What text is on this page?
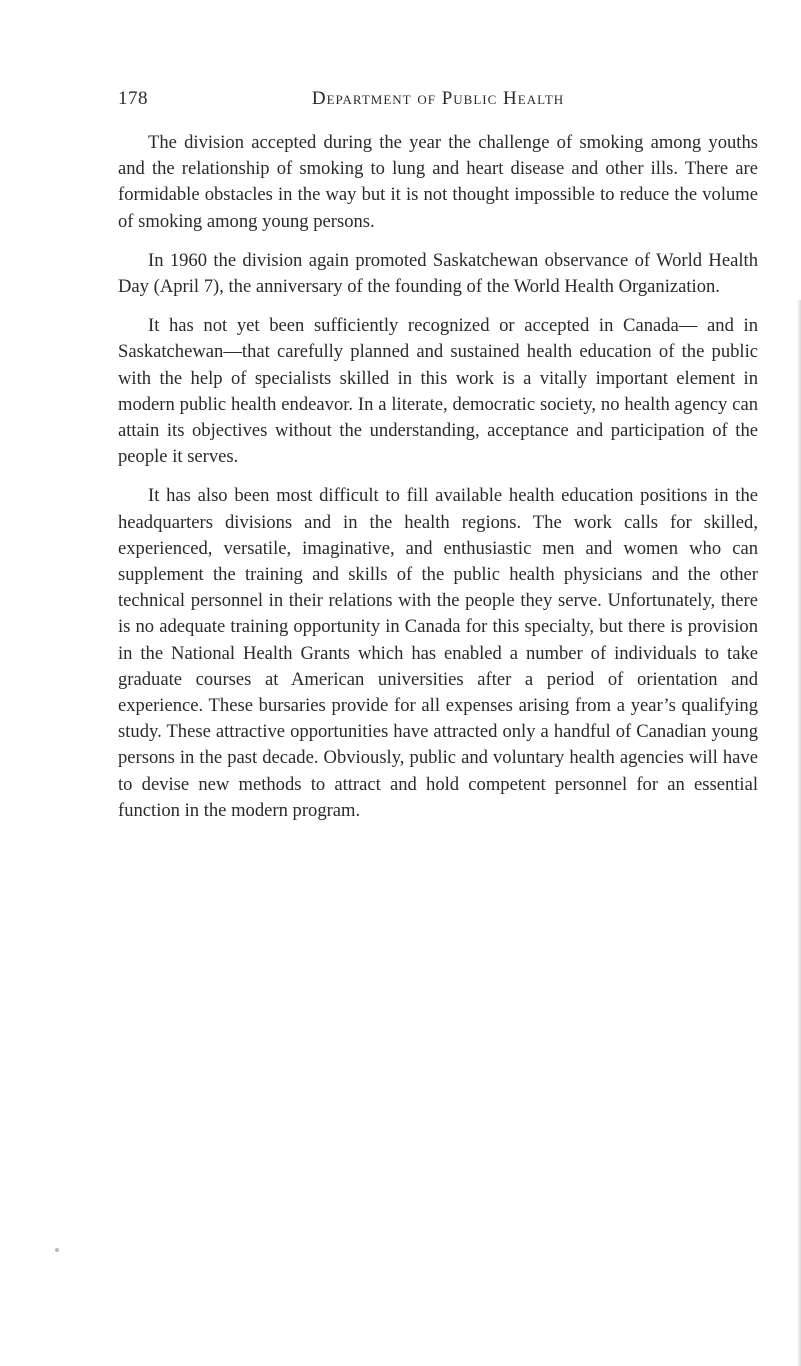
178	Department of Public Health

The division accepted during the year the challenge of smoking among youths and the relationship of smoking to lung and heart disease and other ills. There are formidable obstacles in the way but it is not thought impossible to reduce the volume of smoking among young persons.

In 1960 the division again promoted Saskatchewan observance of World Health Day (April 7), the anniversary of the founding of the World Health Organization.

It has not yet been sufficiently recognized or accepted in Canada— and in Saskatchewan—that carefully planned and sustained health education of the public with the help of specialists skilled in this work is a vitally important element in modern public health endeavor. In a literate, democratic society, no health agency can attain its objectives without the understanding, acceptance and participation of the people it serves.

It has also been most difficult to fill available health education positions in the headquarters divisions and in the health regions. The work calls for skilled, experienced, versatile, imaginative, and enthusiastic men and women who can supplement the training and skills of the public health physicians and the other technical personnel in their relations with the people they serve. Unfortunately, there is no adequate training opportunity in Canada for this specialty, but there is provision in the National Health Grants which has enabled a number of individuals to take graduate courses at American universities after a period of orientation and experience. These bursaries provide for all expenses arising from a year’s qualifying study. These attractive opportunities have attracted only a handful of Canadian young persons in the past decade. Obviously, public and voluntary health agencies will have to devise new methods to attract and hold competent personnel for an essential function in the modern program.
